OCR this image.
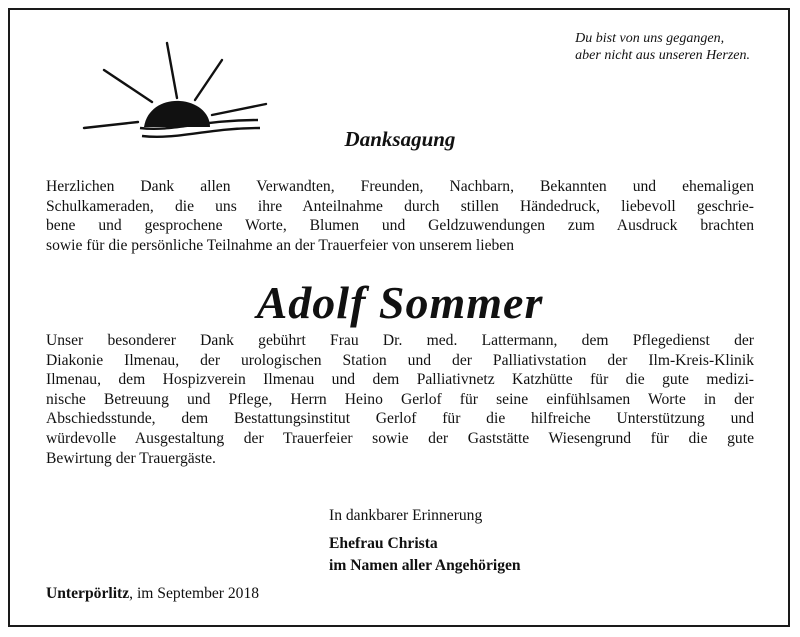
Du bist von uns gegangen,
aber nicht aus unseren Herzen.
Danksagung
Herzlichen Dank allen Verwandten, Freunden, Nachbarn, Bekannten und ehemaligen
Schulkameraden, die uns ihre Anteilnahme durch stillen Händedruck, liebevoll geschrie-
bene und gesprochene Worte, Blumen und Geldzuwendungen zum Ausdruck brachten
sowie für die persönliche Teilnahme an der Trauerfeier von unserem lieben
Adolf Sommer
Unser besonderer Dank gebührt Frau Dr. med. Lattermann, dem Pflegedienst der
Diakonie Ilmenau, der urologischen Station und der Palliativstation der Ilm-Kreis-Klinik
Ilmenau, dem Hospizverein Ilmenau und dem Palliativnetz Katzhütte für die gute medizi-
nische Betreuung und Pflege, Herrn Heino Gerlof für seine einfühlsamen Worte in der
Abschiedsstunde, dem Bestattungsinstitut Gerlof für die hilfreiche Unterstützung und
würdevolle Ausgestaltung der Trauerfeier sowie der Gaststätte Wiesengrund für die gute
Bewirtung der Trauergäste.
In dankbarer Erinnerung
Ehefrau Christa
im Namen aller Angehörigen
Unterpörlitz, im September 2018
